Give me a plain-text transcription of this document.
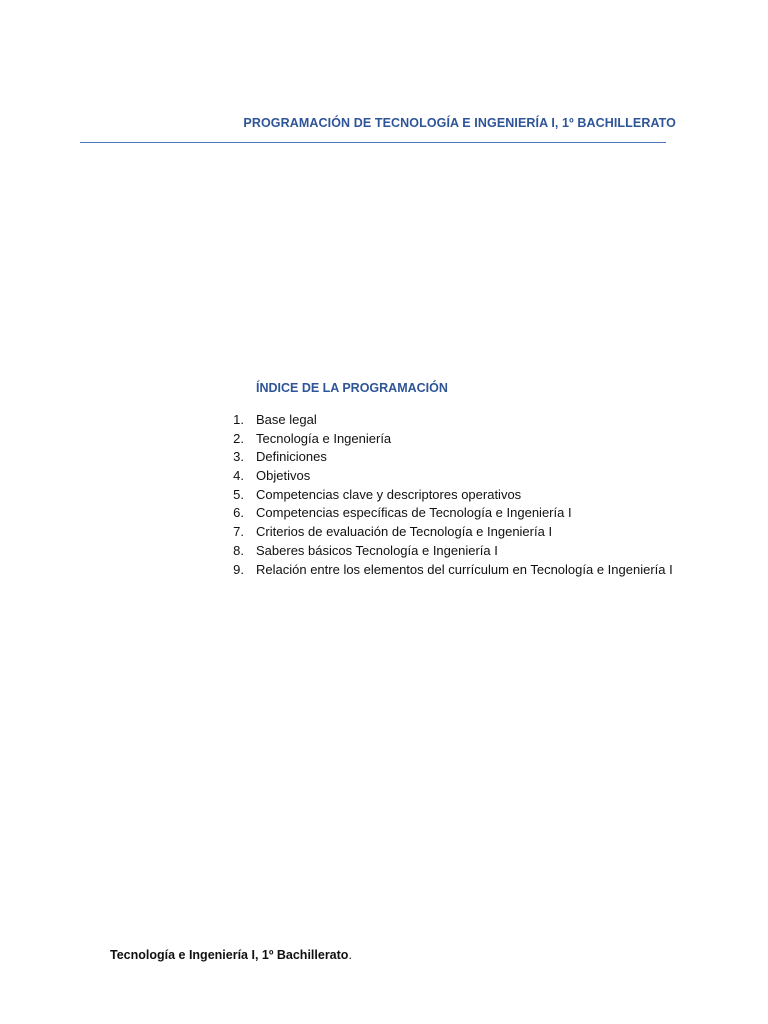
PROGRAMACIÓN DE TECNOLOGÍA E INGENIERÍA I, 1º BACHILLERATO
ÍNDICE DE LA PROGRAMACIÓN
1. Base legal
2. Tecnología e Ingeniería
3. Definiciones
4. Objetivos
5. Competencias clave y descriptores operativos
6. Competencias específicas de Tecnología e Ingeniería I
7. Criterios de evaluación de Tecnología e Ingeniería I
8. Saberes básicos Tecnología e Ingeniería I
9. Relación entre los elementos del currículum en Tecnología e Ingeniería I
Tecnología e Ingeniería I, 1º Bachillerato.
